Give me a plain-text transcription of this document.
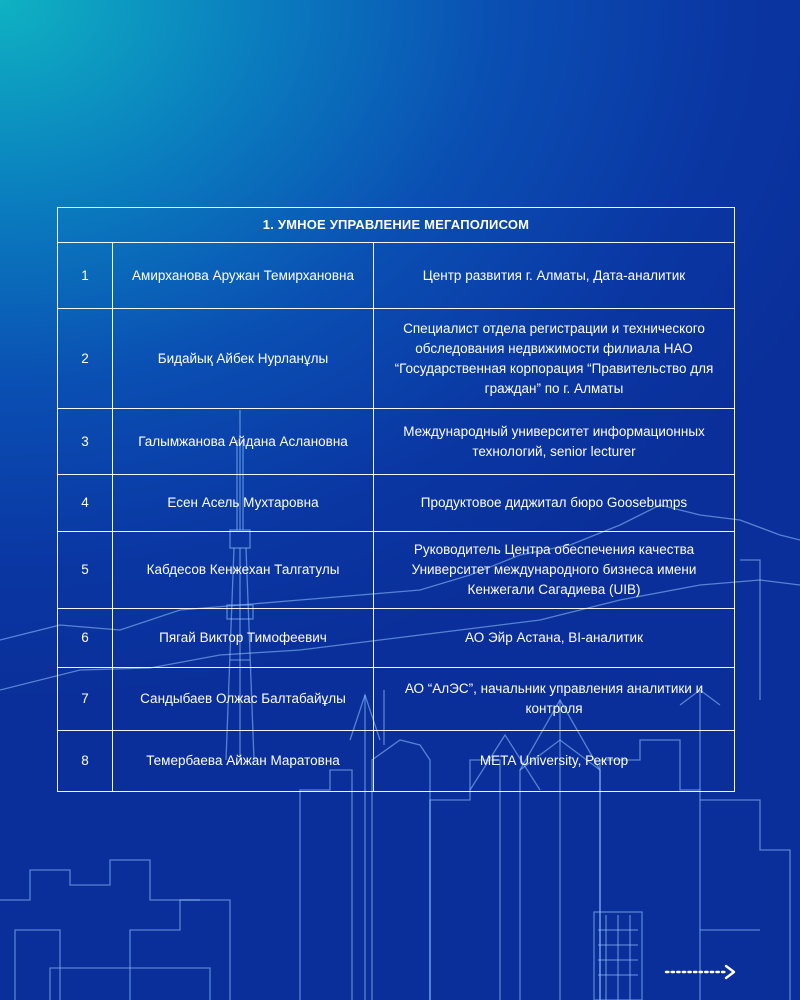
1. УМНОЕ УПРАВЛЕНИЕ МЕГАПОЛИСОМ		
1	Амирханова Аружан Темирхановна	Центр развития г. Алматы, Дата-аналитик
2	Бидайық Айбек Нурланұлы	Специалист отдела регистрации и технического обследования недвижимости филиала НАО “Государственная корпорация “Правительство для граждан” по г. Алматы
3	Галымжанова Айдана Аслановна	Международный университет информационных технологий, senior lecturer
4	Есен Асель Мухтаровна	Продуктовое диджитал бюро Goosebumps
5	Кабдесов Кенжехан Талгатулы	Руководитель Центра обеспечения качества Университет международного бизнеса имени Кенжегали Сагадиева (UIB)
6	Пягай Виктор Тимофеевич	АО Эйр Астана, BI-аналитик
7	Сандыбаев Олжас Балтабайұлы	АО “АлЭС”, начальник управления аналитики и контроля
8	Темербаева Айжан Маратовна	META University, Ректор
